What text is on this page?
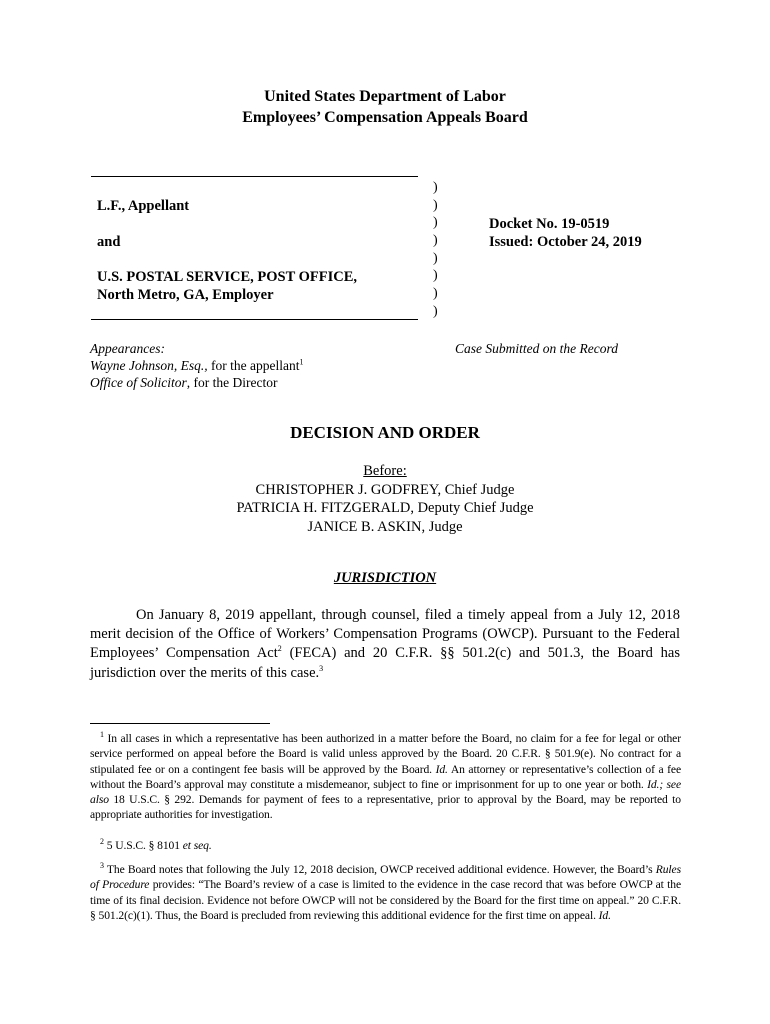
United States Department of Labor
Employees’ Compensation Appeals Board
L.F., Appellant
and
U.S. POSTAL SERVICE, POST OFFICE,
North Metro, GA, Employer
)
)
)
)
)
)
)
)
Docket No. 19-0519
Issued: October 24, 2019
Appearances:
Wayne Johnson, Esq., for the appellant$^1$
Office of Solicitor, for the Director
Case Submitted on the Record
DECISION AND ORDER
Before:
CHRISTOPHER J. GODFREY, Chief Judge
PATRICIA H. FITZGERALD, Deputy Chief Judge
JANICE B. ASKIN, Judge
JURISDICTION
On January 8, 2019 appellant, through counsel, filed a timely appeal from a July 12, 2018 merit decision of the Office of Workers’ Compensation Programs (OWCP). Pursuant to the Federal Employees’ Compensation Act$^2$ (FECA) and 20 C.F.R. §§ 501.2(c) and 501.3, the Board has jurisdiction over the merits of this case.$^3$
$^1$ In all cases in which a representative has been authorized in a matter before the Board, no claim for a fee for legal or other service performed on appeal before the Board is valid unless approved by the Board. 20 C.F.R. § 501.9(e). No contract for a stipulated fee or on a contingent fee basis will be approved by the Board. Id. An attorney or representative’s collection of a fee without the Board’s approval may constitute a misdemeanor, subject to fine or imprisonment for up to one year or both. Id.; see also 18 U.S.C. § 292. Demands for payment of fees to a representative, prior to approval by the Board, may be reported to appropriate authorities for investigation.
$^2$ 5 U.S.C. § 8101 et seq.
$^3$ The Board notes that following the July 12, 2018 decision, OWCP received additional evidence. However, the Board’s Rules of Procedure provides: “The Board’s review of a case is limited to the evidence in the case record that was before OWCP at the time of its final decision. Evidence not before OWCP will not be considered by the Board for the first time on appeal.” 20 C.F.R. § 501.2(c)(1). Thus, the Board is precluded from reviewing this additional evidence for the first time on appeal. Id.
